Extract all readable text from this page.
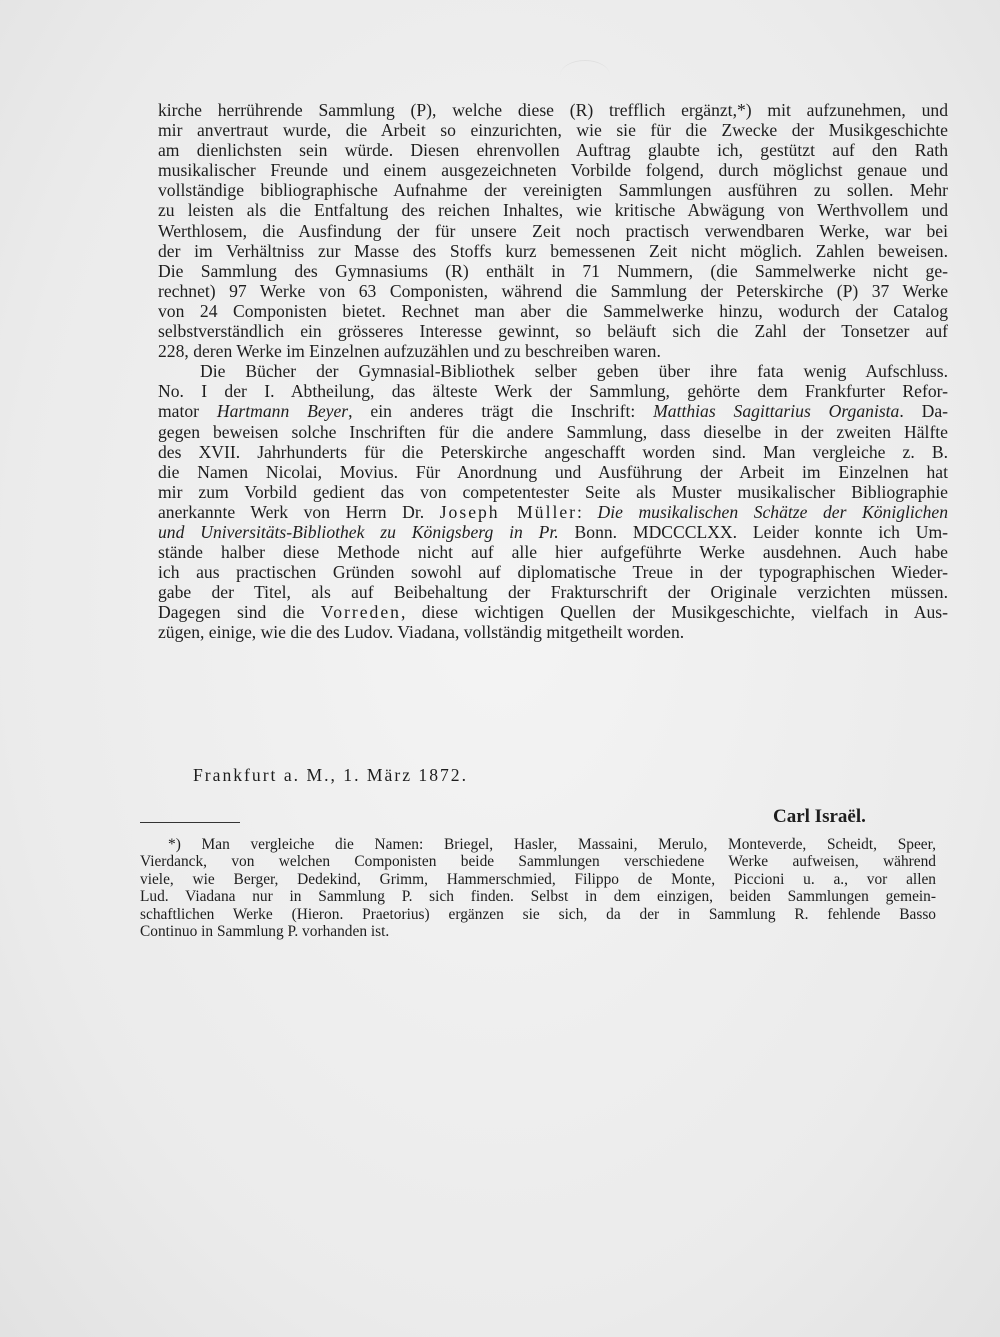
kirche herrührende Sammlung (P), welche diese (R) trefflich ergänzt,*) mit aufzunehmen, und
mir anvertraut wurde, die Arbeit so einzurichten, wie sie für die Zwecke der Musikgeschichte
am dienlichsten sein würde. Diesen ehrenvollen Auftrag glaubte ich, gestützt auf den Rath
musikalischer Freunde und einem ausgezeichneten Vorbilde folgend, durch möglichst genaue und
vollständige bibliographische Aufnahme der vereinigten Sammlungen ausführen zu sollen. Mehr
zu leisten als die Entfaltung des reichen Inhaltes, wie kritische Abwägung von Werthvollem und
Werthlosem, die Ausfindung der für unsere Zeit noch practisch verwendbaren Werke, war bei
der im Verhältniss zur Masse des Stoffs kurz bemessenen Zeit nicht möglich. Zahlen beweisen.
Die Sammlung des Gymnasiums (R) enthält in 71 Nummern, (die Sammelwerke nicht ge-
rechnet) 97 Werke von 63 Componisten, während die Sammlung der Peterskirche (P) 37 Werke
von 24 Componisten bietet. Rechnet man aber die Sammelwerke hinzu, wodurch der Catalog
selbstverständlich ein grösseres Interesse gewinnt, so beläuft sich die Zahl der Tonsetzer auf
228, deren Werke im Einzelnen aufzuzählen und zu beschreiben waren.
Die Bücher der Gymnasial-Bibliothek selber geben über ihre fata wenig Aufschluss.
No. I der I. Abtheilung, das älteste Werk der Sammlung, gehörte dem Frankfurter Refor-
mator Hartmann Beyer, ein anderes trägt die Inschrift: Matthias Sagittarius Organista. Da-
gegen beweisen solche Inschriften für die andere Sammlung, dass dieselbe in der zweiten Hälfte
des XVII. Jahrhunderts für die Peterskirche angeschafft worden sind. Man vergleiche z. B.
die Namen Nicolai, Movius. Für Anordnung und Ausführung der Arbeit im Einzelnen hat
mir zum Vorbild gedient das von competentester Seite als Muster musikalischer Bibliographie
anerkannte Werk von Herrn Dr. Joseph Müller: Die musikalischen Schätze der Königlichen
und Universitäts-Bibliothek zu Königsberg in Pr. Bonn. MDCCCLXX. Leider konnte ich Um-
stände halber diese Methode nicht auf alle hier aufgeführte Werke ausdehnen. Auch habe
ich aus practischen Gründen sowohl auf diplomatische Treue in der typographischen Wieder-
gabe der Titel, als auf Beibehaltung der Frakturschrift der Originale verzichten müssen.
Dagegen sind die Vorreden, diese wichtigen Quellen der Musikgeschichte, vielfach in Aus-
zügen, einige, wie die des Ludov. Viadana, vollständig mitgetheilt worden.
Frankfurt a. M., 1. März 1872.
Carl Israël.
*) Man vergleiche die Namen: Briegel, Hasler, Massaini, Merulo, Monteverde, Scheidt, Speer,
Vierdanck, von welchen Componisten beide Sammlungen verschiedene Werke aufweisen, während
viele, wie Berger, Dedekind, Grimm, Hammerschmied, Filippo de Monte, Piccioni u. a., vor allen
Lud. Viadana nur in Sammlung P. sich finden. Selbst in dem einzigen, beiden Sammlungen gemein-
schaftlichen Werke (Hieron. Praetorius) ergänzen sie sich, da der in Sammlung R. fehlende Basso
Continuo in Sammlung P. vorhanden ist.
